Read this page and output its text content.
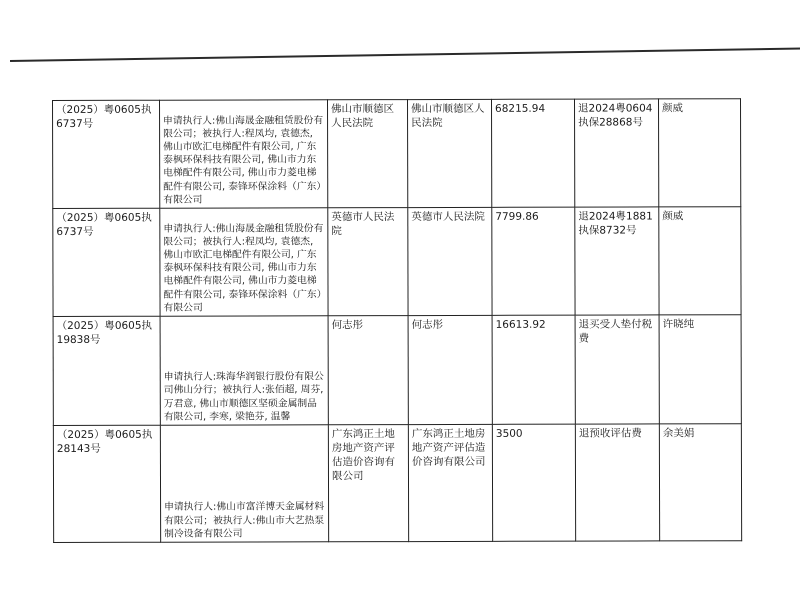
（2025）粤0605执6737号	申请执行人:佛山海晟金融租赁股份有限公司；被执行人:程凤均, 袁德杰, 佛山市欧汇电梯配件有限公司, 广东泰枫环保科技有限公司, 佛山市力东电梯配件有限公司, 佛山市力菱电梯配件有限公司, 泰锋环保涂料（广东）有限公司	佛山市顺德区人民法院	佛山市顺德区人民法院	68215.94	退2024粤0604执保28868号	颜威
（2025）粤0605执6737号	申请执行人:佛山海晟金融租赁股份有限公司；被执行人:程凤均, 袁德杰, 佛山市欧汇电梯配件有限公司, 广东泰枫环保科技有限公司, 佛山市力东电梯配件有限公司, 佛山市力菱电梯配件有限公司, 泰锋环保涂料（广东）有限公司	英德市人民法院	英德市人民法院	7799.86	退2024粤1881执保8732号	颜威
（2025）粤0605执19838号	申请执行人:珠海华润银行股份有限公司佛山分行；被执行人:张佰超, 周芬, 万君意, 佛山市顺德区坚硕金属制品有限公司, 李寒, 梁艳芬, 温馨	何志彤	何志彤	16613.92	退买受人垫付税费	许晓纯
（2025）粤0605执28143号	申请执行人:佛山市富洋博天金属材料有限公司；被执行人:佛山市大艺热泵制冷设备有限公司	广东鸿正土地房地产资产评估造价咨询有限公司	广东鸿正土地房地产资产评估造价咨询有限公司	3500	退预收评估费	余美娟
